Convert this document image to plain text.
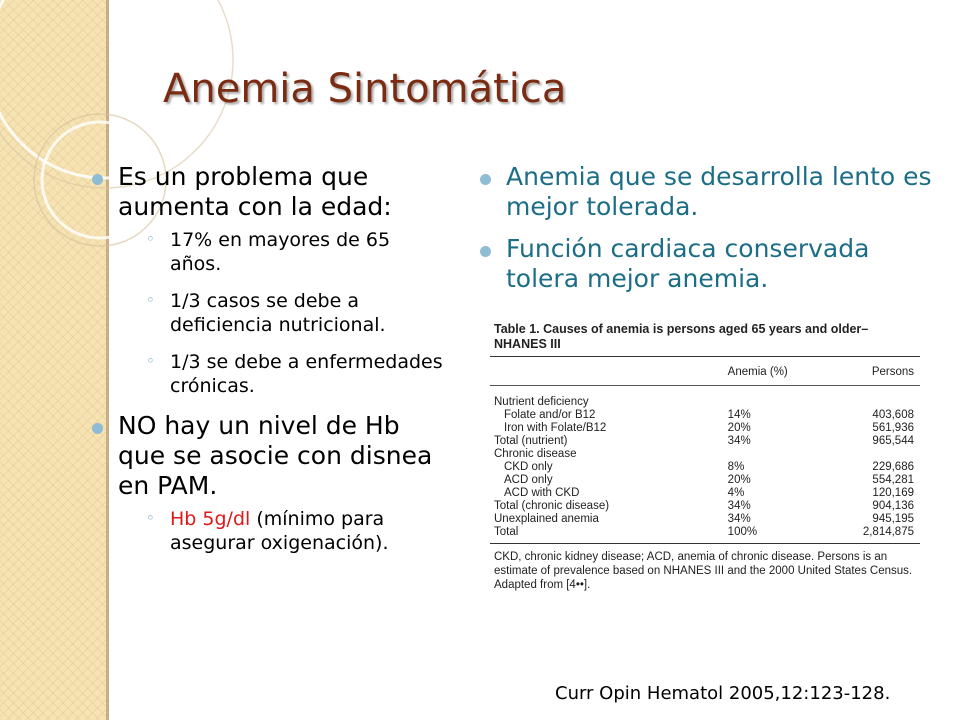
Anemia Sintomática
Es un problema que aumenta con la edad:
◦ 17% en mayores de 65 años.
◦ 1/3 casos se debe a deficiencia nutricional.
◦ 1/3 se debe a enfermedades crónicas.
NO hay un nivel de Hb que se asocie con disnea en PAM.
◦ Hb 5g/dl (mínimo para asegurar oxigenación).
Anemia que se desarrolla lento es mejor tolerada.
Función cardiaca conservada tolera mejor anemia.
Table 1. Causes of anemia is persons aged 65 years and older–NHANES III
	Anemia (%)	Persons

Nutrient deficiency		
Folate and/or B12	14%	403,608
Iron with Folate/B12	20%	561,936
Total (nutrient)	34%	965,544
Chronic disease		
CKD only	8%	229,686
ACD only	20%	554,281
ACD with CKD	4%	120,169
Total (chronic disease)	34%	904,136
Unexplained anemia	34%	945,195
Total	100%	2,814,875
CKD, chronic kidney disease; ACD, anemia of chronic disease. Persons is an estimate of prevalence based on NHANES III and the 2000 United States Census. Adapted from [4••].
Curr Opin Hematol 2005,12:123-128.
